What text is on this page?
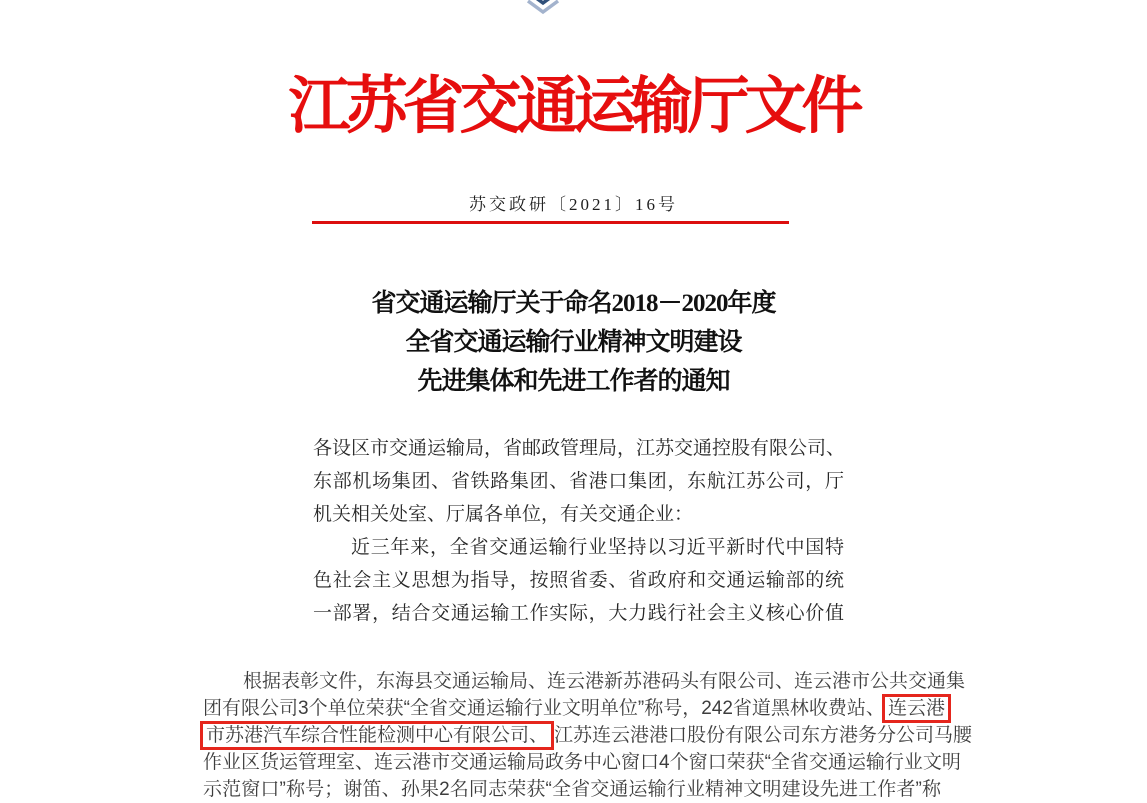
江苏省交通运输厅文件
苏交政研〔2021〕16号
省交通运输厅关于命名2018－2020年度
全省交通运输行业精神文明建设
先进集体和先进工作者的通知
各设区市交通运输局，省邮政管理局，江苏交通控股有限公司、
东部机场集团、省铁路集团、省港口集团，东航江苏公司，厅
机关相关处室、厅属各单位，有关交通企业：
近三年来，全省交通运输行业坚持以习近平新时代中国特
色社会主义思想为指导，按照省委、省政府和交通运输部的统
一部署，结合交通运输工作实际，大力践行社会主义核心价值
根据表彰文件，东海县交通运输局、连云港新苏港码头有限公司、连云港市公共交通集
团有限公司3个单位荣获“全省交通运输行业文明单位”称号，242省道黑林收费站、 连云港
市苏港汽车综合性能检测中心有限公司、 江苏连云港港口股份有限公司东方港务分公司马腰
作业区货运管理室、连云港市交通运输局政务中心窗口4个窗口荣获“全省交通运输行业文明
示范窗口”称号；谢笛、孙果2名同志荣获“全省交通运输行业精神文明建设先进工作者”称
